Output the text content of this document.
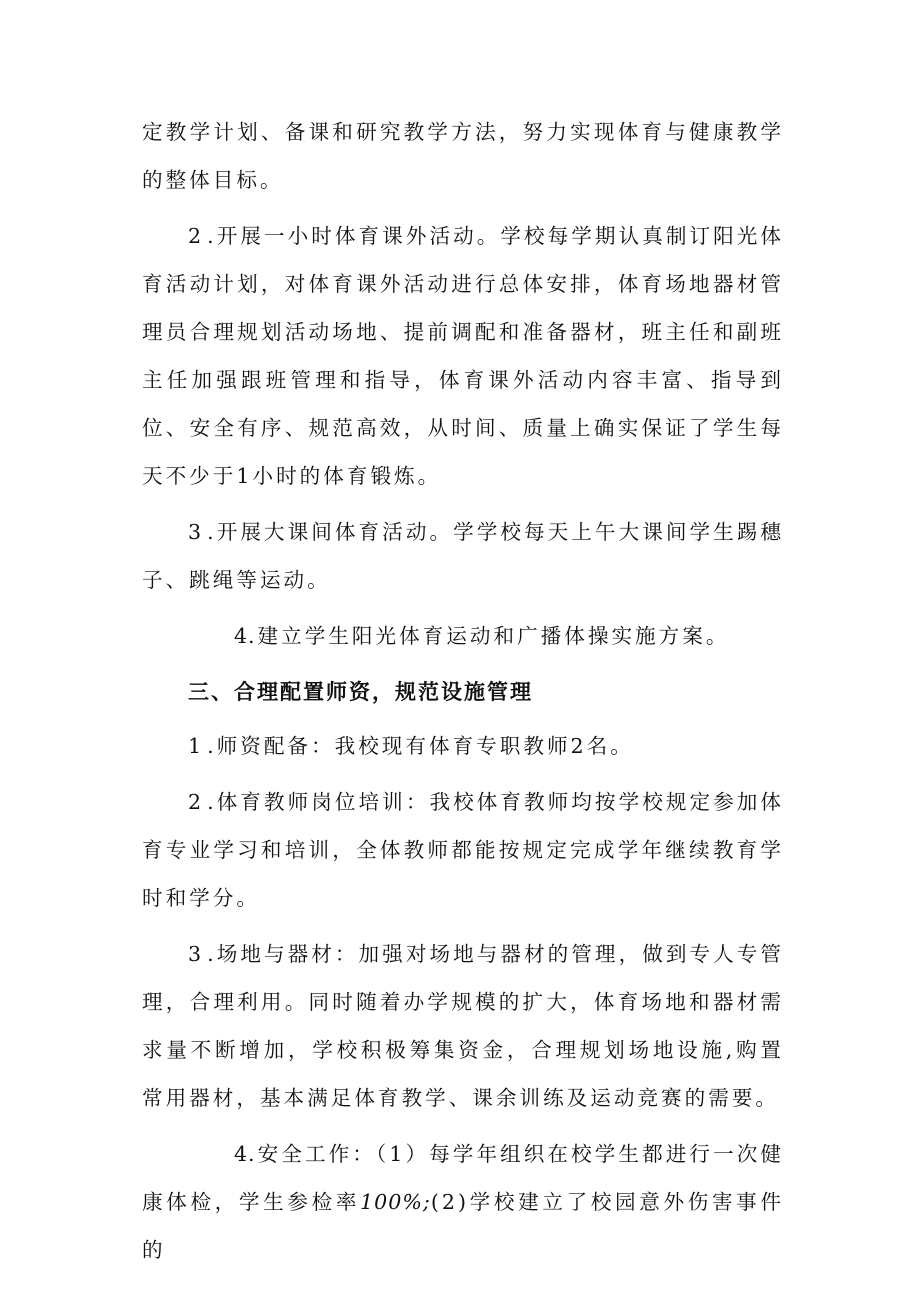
定教学计划、备课和研究教学方法，努力实现体育与健康教学的整体目标。

2.开展一小时体育课外活动。学校每学期认真制订阳光体育活动计划，对体育课外活动进行总体安排，体育场地器材管理员合理规划活动场地、提前调配和准备器材，班主任和副班主任加强跟班管理和指导，体育课外活动内容丰富、指导到位、安全有序、规范高效，从时间、质量上确实保证了学生每天不少于1小时的体育锻炼。

3.开展大课间体育活动。学学校每天上午大课间学生踢穗子、跳绳等运动。

4.建立学生阳光体育运动和广播体操实施方案。

三、合理配置师资，规范设施管理

1.师资配备：我校现有体育专职教师2名。

2.体育教师岗位培训：我校体育教师均按学校规定参加体育专业学习和培训，全体教师都能按规定完成学年继续教育学时和学分。

3.场地与器材：加强对场地与器材的管理，做到专人专管理，合理利用。同时随着办学规模的扩大，体育场地和器材需求量不断增加，学校积极筹集资金，合理规划场地设施,购置常用器材，基本满足体育教学、课余训练及运动竞赛的需要。

4.安全工作：（1）每学年组织在校学生都进行一次健康体检，学生参检率100%;(2)学校建立了校园意外伤害事件的
